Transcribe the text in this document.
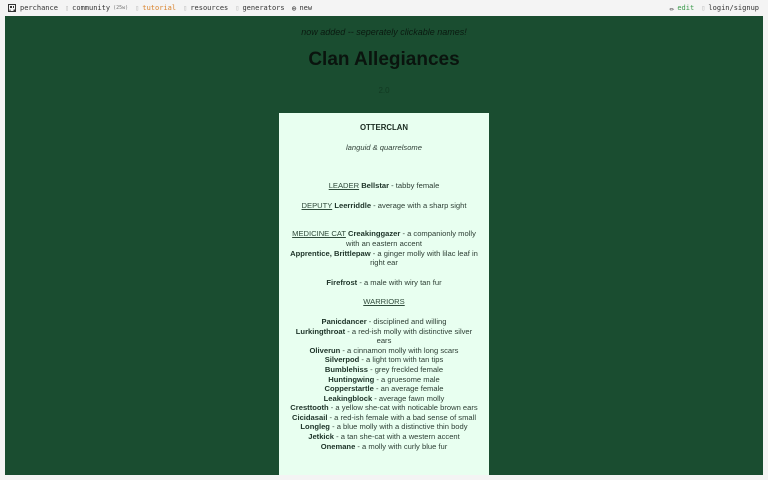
perchance ▯ community (25w) ▯ tutorial ▯ resources ▯ generators ⊕ new	✏ edit ▯ login/signup
now added -- seperately clickable names!
Clan Allegiances
2.0
OTTERCLAN
languid & quarrelsome
LEADER Bellstar - tabby female
DEPUTY Leerriddle - average with a sharp sight
MEDICINE CAT Creakinggazer - a companionly molly with an eastern accent
Apprentice, Brittlepaw - a ginger molly with lilac leaf in right ear
Firefrost - a male with wiry tan fur
WARRIORS
Panicdancer - disciplined and willing
Lurkingthroat - a red-ish molly with distinctive silver ears
Oliverun - a cinnamon molly with long scars
Silverpod - a light tom with tan tips
Bumblehiss - grey freckled female
Huntingwing - a gruesome male
Copperstartle - an average female
Leakingblock - average fawn molly
Cresttooth - a yellow she-cat with noticable brown ears
Cicidasail - a red-ish female with a bad sense of small
Longleg - a blue molly with a distinctive thin body
Jetkick - a tan she-cat with a western accent
Onemane - a molly with curly blue fur
